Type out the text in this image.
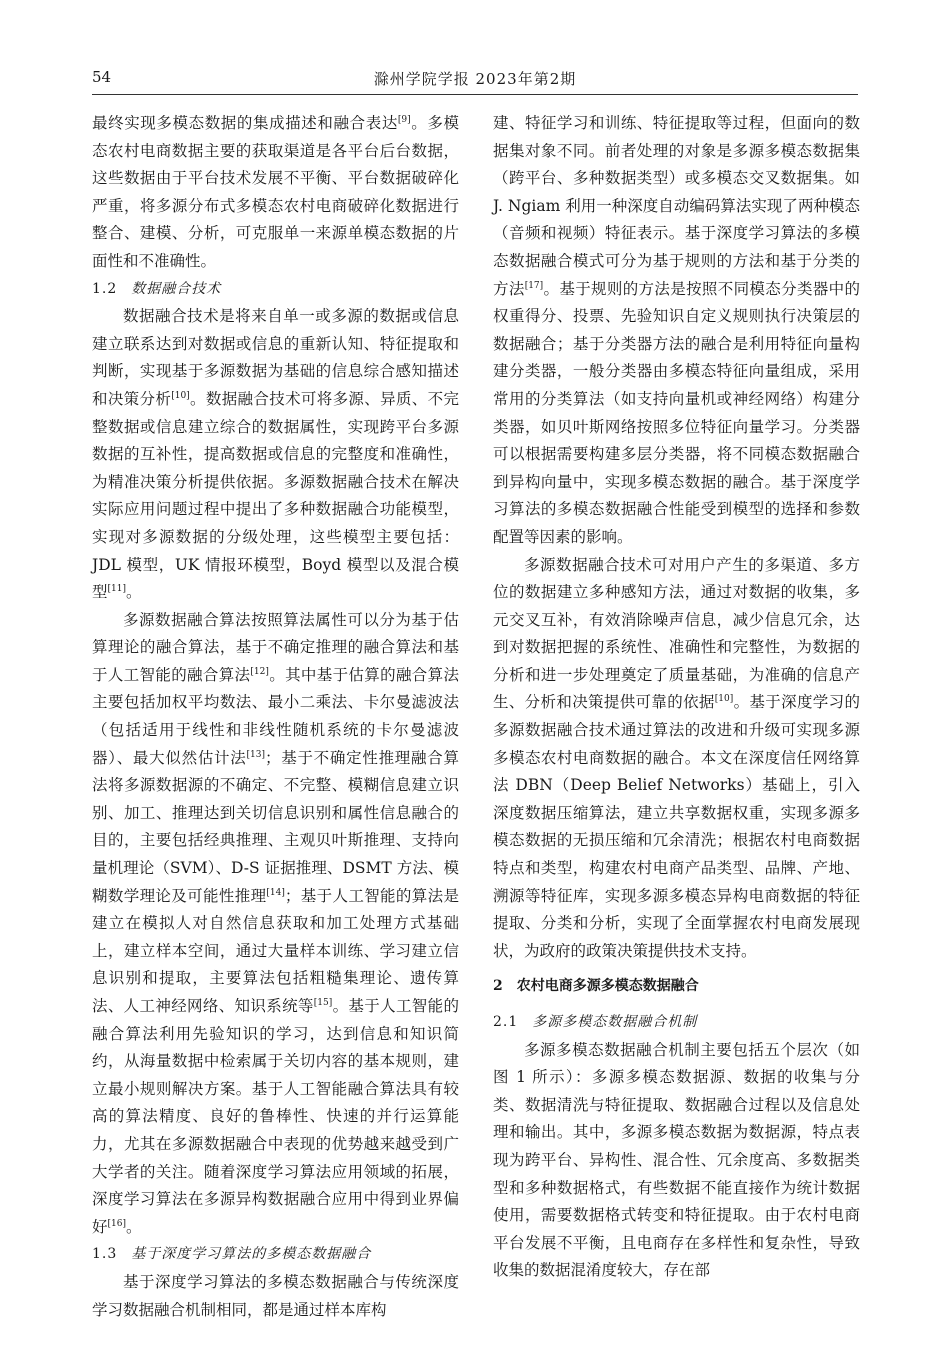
54	滁州学院学报 2023年第2期

最终实现多模态数据的集成描述和融合表达[9]。多模态农村电商数据主要的获取渠道是各平台后台数据，这些数据由于平台技术发展不平衡、平台数据破碎化严重，将多源分布式多模态农村电商破碎化数据进行整合、建模、分析，可克服单一来源单模态数据的片面性和不准确性。

1.2 数据融合技术

数据融合技术是将来自单一或多源的数据或信息建立联系达到对数据或信息的重新认知、特征提取和判断，实现基于多源数据为基础的信息综合感知描述和决策分析[10]。数据融合技术可将多源、异质、不完整数据或信息建立综合的数据属性，实现跨平台多源数据的互补性，提高数据或信息的完整度和准确性，为精准决策分析提供依据。多源数据融合技术在解决实际应用问题过程中提出了多种数据融合功能模型，实现对多源数据的分级处理，这些模型主要包括：JDL 模型，UK 情报环模型，Boyd 模型以及混合模型[11]。

多源数据融合算法按照算法属性可以分为基于估算理论的融合算法，基于不确定推理的融合算法和基于人工智能的融合算法[12]。其中基于估算的融合算法主要包括加权平均数法、最小二乘法、卡尔曼滤波法（包括适用于线性和非线性随机系统的卡尔曼滤波器）、最大似然估计法[13]；基于不确定性推理融合算法将多源数据源的不确定、不完整、模糊信息建立识别、加工、推理达到关切信息识别和属性信息融合的目的，主要包括经典推理、主观贝叶斯推理、支持向量机理论（SVM）、D-S 证据推理、DSMT 方法、模糊数学理论及可能性推理[14]；基于人工智能的算法是建立在模拟人对自然信息获取和加工处理方式基础上，建立样本空间，通过大量样本训练、学习建立信息识别和提取，主要算法包括粗糙集理论、遗传算法、人工神经网络、知识系统等[15]。基于人工智能的融合算法利用先验知识的学习，达到信息和知识简约，从海量数据中检索属于关切内容的基本规则，建立最小规则解决方案。基于人工智能融合算法具有较高的算法精度、良好的鲁棒性、快速的并行运算能力，尤其在多源数据融合中表现的优势越来越受到广大学者的关注。随着深度学习算法应用领域的拓展，深度学习算法在多源异构数据融合应用中得到业界偏好[16]。

1.3 基于深度学习算法的多模态数据融合

基于深度学习算法的多模态数据融合与传统深度学习数据融合机制相同，都是通过样本库构

建、特征学习和训练、特征提取等过程，但面向的数据集对象不同。前者处理的对象是多源多模态数据集（跨平台、多种数据类型）或多模态交叉数据集。如 J. Ngiam 利用一种深度自动编码算法实现了两种模态（音频和视频）特征表示。基于深度学习算法的多模态数据融合模式可分为基于规则的方法和基于分类的方法[17]。基于规则的方法是按照不同模态分类器中的权重得分、投票、先验知识自定义规则执行决策层的数据融合；基于分类器方法的融合是利用特征向量构建分类器，一般分类器由多模态特征向量组成，采用常用的分类算法（如支持向量机或神经网络）构建分类器，如贝叶斯网络按照多位特征向量学习。分类器可以根据需要构建多层分类器，将不同模态数据融合到异构向量中，实现多模态数据的融合。基于深度学习算法的多模态数据融合性能受到模型的选择和参数配置等因素的影响。

多源数据融合技术可对用户产生的多渠道、多方位的数据建立多种感知方法，通过对数据的收集，多元交叉互补，有效消除噪声信息，减少信息冗余，达到对数据把握的系统性、准确性和完整性，为数据的分析和进一步处理奠定了质量基础，为准确的信息产生、分析和决策提供可靠的依据[10]。基于深度学习的多源数据融合技术通过算法的改进和升级可实现多源多模态农村电商数据的融合。本文在深度信任网络算法 DBN（Deep Belief Networks）基础上，引入深度数据压缩算法，建立共享数据权重，实现多源多模态数据的无损压缩和冗余清洗；根据农村电商数据特点和类型，构建农村电商产品类型、品牌、产地、溯源等特征库，实现多源多模态异构电商数据的特征提取、分类和分析，实现了全面掌握农村电商发展现状，为政府的政策决策提供技术支持。

2 农村电商多源多模态数据融合
2.1 多源多模态数据融合机制

多源多模态数据融合机制主要包括五个层次（如图 1 所示）：多源多模态数据源、数据的收集与分类、数据清洗与特征提取、数据融合过程以及信息处理和输出。其中，多源多模态数据为数据源，特点表现为跨平台、异构性、混合性、冗余度高、多数据类型和多种数据格式，有些数据不能直接作为统计数据使用，需要数据格式转变和特征提取。由于农村电商平台发展不平衡，且电商存在多样性和复杂性，导致收集的数据混淆度较大，存在部
